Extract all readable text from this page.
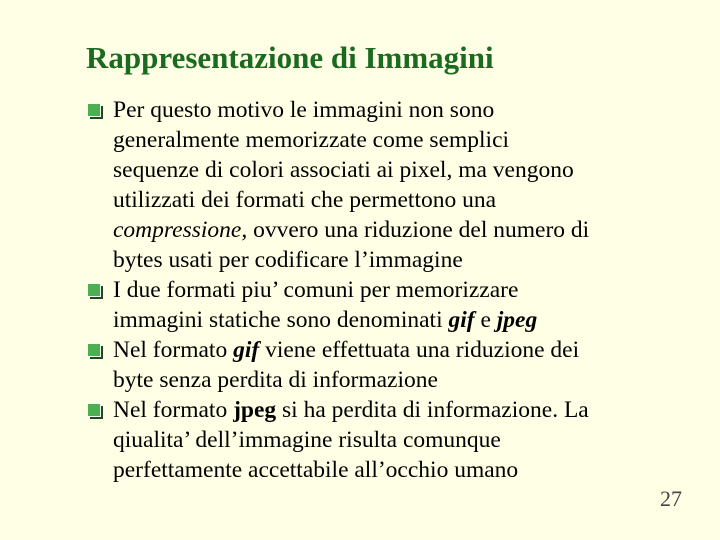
Rappresentazione di Immagini
Per questo motivo le immagini non sono
generalmente memorizzate come semplici
sequenze di colori associati ai pixel, ma vengono
utilizzati dei formati che permettono una
compressione, ovvero una riduzione del numero di
bytes usati per codificare l’immagine
I due formati piu’ comuni per memorizzare
immagini statiche sono denominati gif e jpeg
Nel formato gif viene effettuata una riduzione dei
byte senza perdita di informazione
Nel formato jpeg si ha perdita di informazione. La
qiualita’ dell’immagine risulta comunque
perfettamente accettabile all’occhio umano
27
